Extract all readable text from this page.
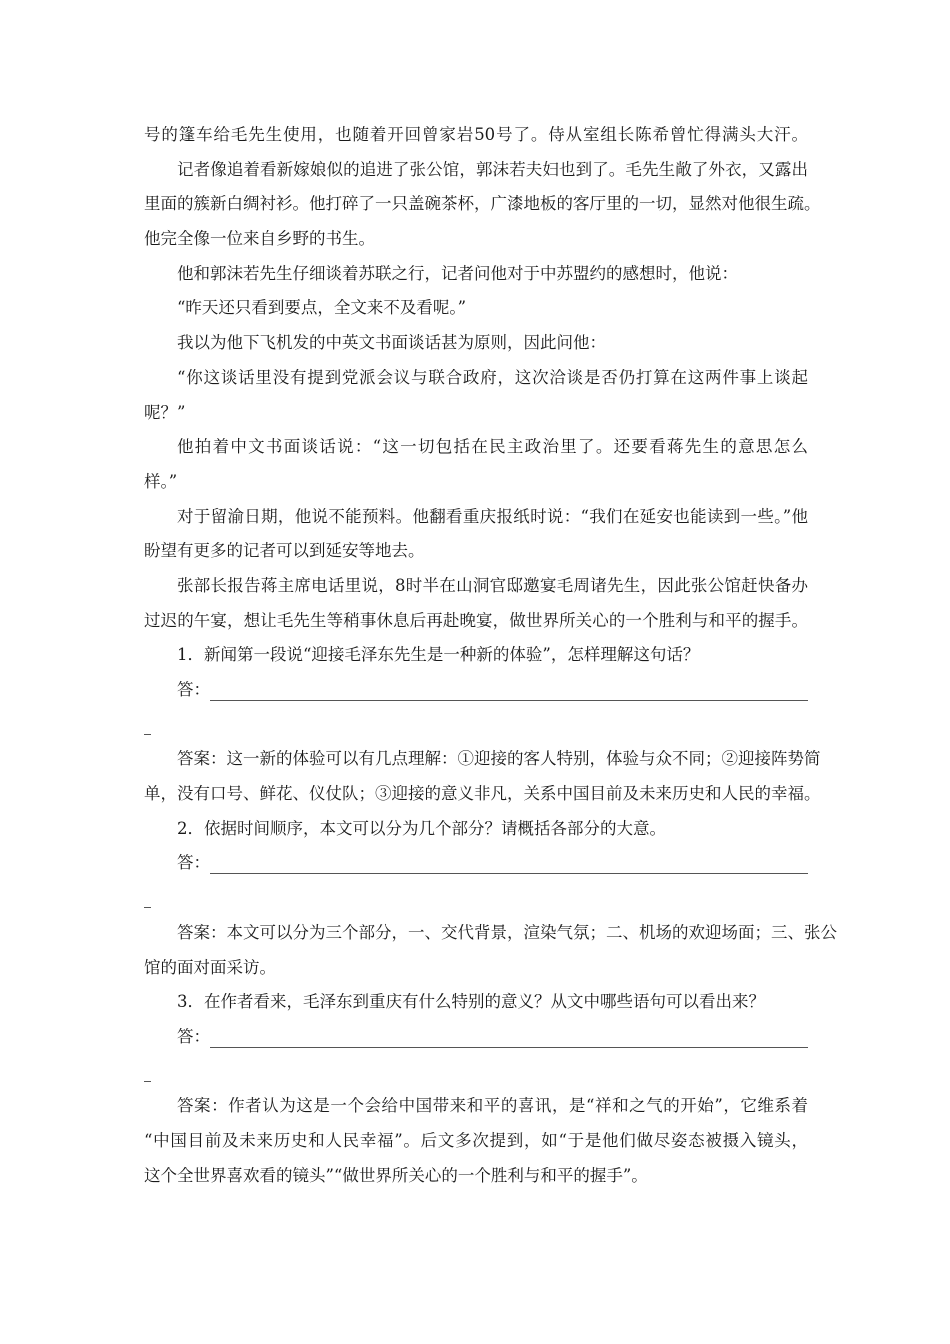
号的篷车给毛先生使用，也随着开回曾家岩50号了。侍从室组长陈希曾忙得满头大汗。
记者像追着看新嫁娘似的追进了张公馆，郭沫若夫妇也到了。毛先生敞了外衣，又露出
里面的簇新白绸衬衫。他打碎了一只盖碗茶杯，广漆地板的客厅里的一切，显然对他很生疏。
他完全像一位来自乡野的书生。
他和郭沫若先生仔细谈着苏联之行，记者问他对于中苏盟约的感想时，他说：
“昨天还只看到要点，全文来不及看呢。”
我以为他下飞机发的中英文书面谈话甚为原则，因此问他：
“你这谈话里没有提到党派会议与联合政府，这次洽谈是否仍打算在这两件事上谈起
呢？”
他拍着中文书面谈话说：“这一切包括在民主政治里了。还要看蒋先生的意思怎么
样。”
对于留渝日期，他说不能预料。他翻看重庆报纸时说：“我们在延安也能读到一些。”他
盼望有更多的记者可以到延安等地去。
张部长报告蒋主席电话里说，8时半在山洞官邸邀宴毛周诸先生，因此张公馆赶快备办
过迟的午宴，想让毛先生等稍事休息后再赴晚宴，做世界所关心的一个胜利与和平的握手。
1．新闻第一段说“迎接毛泽东先生是一种新的体验”，怎样理解这句话？
答：
答案：这一新的体验可以有几点理解：①迎接的客人特别，体验与众不同；②迎接阵势简
单，没有口号、鲜花、仪仗队；③迎接的意义非凡，关系中国目前及未来历史和人民的幸福。
2．依据时间顺序，本文可以分为几个部分？请概括各部分的大意。
答：
答案：本文可以分为三个部分，一、交代背景，渲染气氛；二、机场的欢迎场面；三、张公
馆的面对面采访。
3．在作者看来，毛泽东到重庆有什么特别的意义？从文中哪些语句可以看出来？
答：
答案：作者认为这是一个会给中国带来和平的喜讯，是“祥和之气的开始”，它维系着
“中国目前及未来历史和人民幸福”。后文多次提到，如“于是他们做尽姿态被摄入镜头，
这个全世界喜欢看的镜头”“做世界所关心的一个胜利与和平的握手”。
